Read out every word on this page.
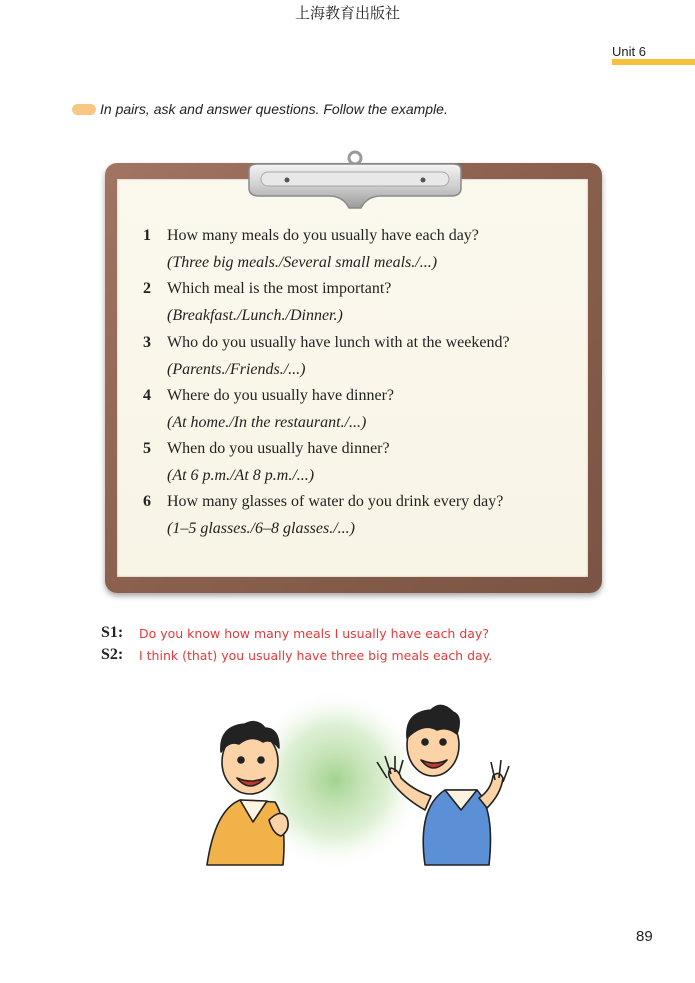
上海教育出版社
Unit 6
In pairs, ask and answer questions. Follow the example.
1 How many meals do you usually have each day?
(Three big meals./Several small meals./...)
2 Which meal is the most important?
(Breakfast./Lunch./Dinner.)
3 Who do you usually have lunch with at the weekend?
(Parents./Friends./...)
4 Where do you usually have dinner?
(At home./In the restaurant./...)
5 When do you usually have dinner?
(At 6 p.m./At 8 p.m./...)
6 How many glasses of water do you drink every day?
(1–5 glasses./6–8 glasses./...)
S1: Do you know how many meals I usually have each day?
S2: I think (that) you usually have three big meals each day.
89
